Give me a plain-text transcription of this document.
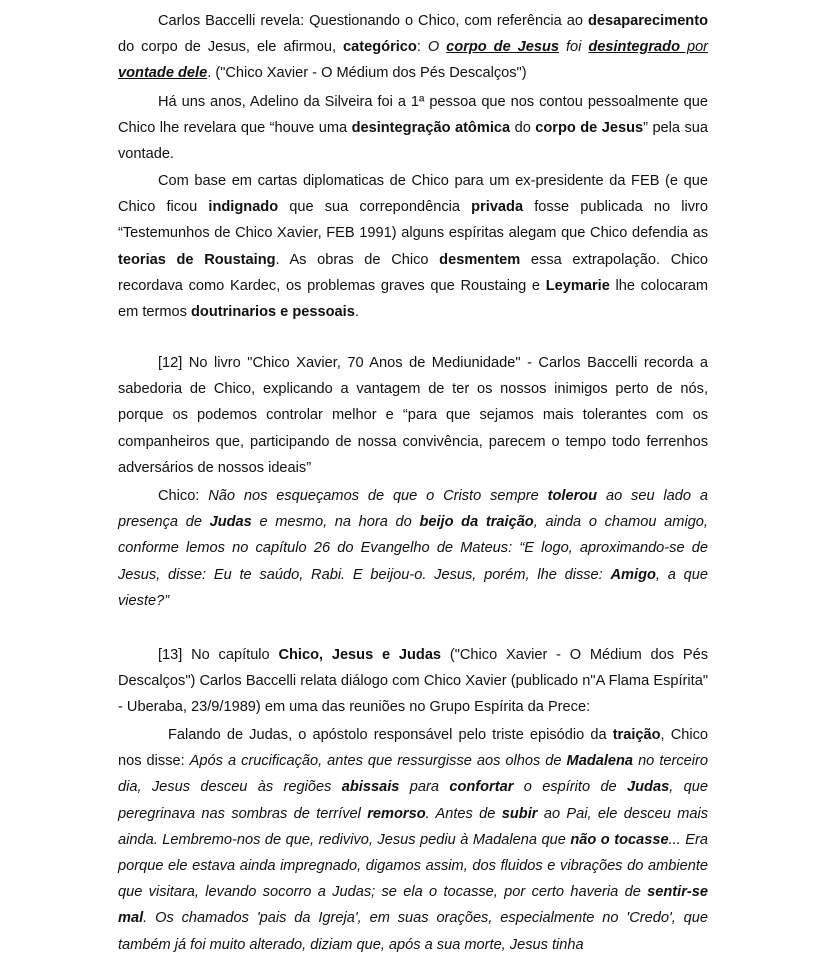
Carlos Baccelli revela: Questionando o Chico, com referência ao desaparecimento do corpo de Jesus, ele afirmou, categórico: O corpo de Jesus foi desintegrado por vontade dele. ("Chico Xavier - O Médium dos Pés Descalços")

Há uns anos, Adelino da Silveira foi a 1ª pessoa que nos contou pessoalmente que Chico lhe revelara que “houve uma desintegração atômica do corpo de Jesus” pela sua vontade.

Com base em cartas diplomaticas de Chico para um ex-presidente da FEB (e que Chico ficou indignado que sua correpondência privada fosse publicada no livro “Testemunhos de Chico Xavier, FEB 1991) alguns espíritas alegam que Chico defendia as teorias de Roustaing. As obras de Chico desmentem essa extrapolação. Chico recordava como Kardec, os problemas graves que Roustaing e Leymarie lhe colocaram em termos doutrinarios e pessoais.

[12] No livro "Chico Xavier, 70 Anos de Mediunidade" - Carlos Baccelli recorda a sabedoria de Chico, explicando a vantagem de ter os nossos inimigos perto de nós, porque os podemos controlar melhor e “para que sejamos mais tolerantes com os companheiros que, participando de nossa convivência, parecem o tempo todo ferrenhos adversários de nossos ideais”

Chico: Não nos esqueçamos de que o Cristo sempre tolerou ao seu lado a presença de Judas e mesmo, na hora do beijo da traição, ainda o chamou amigo, conforme lemos no capítulo 26 do Evangelho de Mateus: “E logo, aproximando-se de Jesus, disse: Eu te saúdo, Rabi. E beijou-o. Jesus, porém, lhe disse: Amigo, a que vieste?”

[13] No capítulo Chico, Jesus e Judas ("Chico Xavier - O Médium dos Pés Descalços") Carlos Baccelli relata diálogo com Chico Xavier (publicado n"A Flama Espírita" - Uberaba, 23/9/1989) em uma das reuniões no Grupo Espírita da Prece:

Falando de Judas, o apóstolo responsável pelo triste episódio da traição, Chico nos disse: Após a crucificação, antes que ressurgisse aos olhos de Madalena no terceiro dia, Jesus desceu às regiões abissais para confortar o espírito de Judas, que peregrinava nas sombras de terrível remorso. Antes de subir ao Pai, ele desceu mais ainda. Lembremo-nos de que, redivivo, Jesus pediu à Madalena que não o tocasse... Era porque ele estava ainda impregnado, digamos assim, dos fluidos e vibrações do ambiente que visitara, levando socorro a Judas; se ela o tocasse, por certo haveria de sentir-se mal. Os chamados 'pais da Igreja', em suas orações, especialmente no 'Credo', que também já foi muito alterado, diziam que, após a sua morte, Jesus tinha
